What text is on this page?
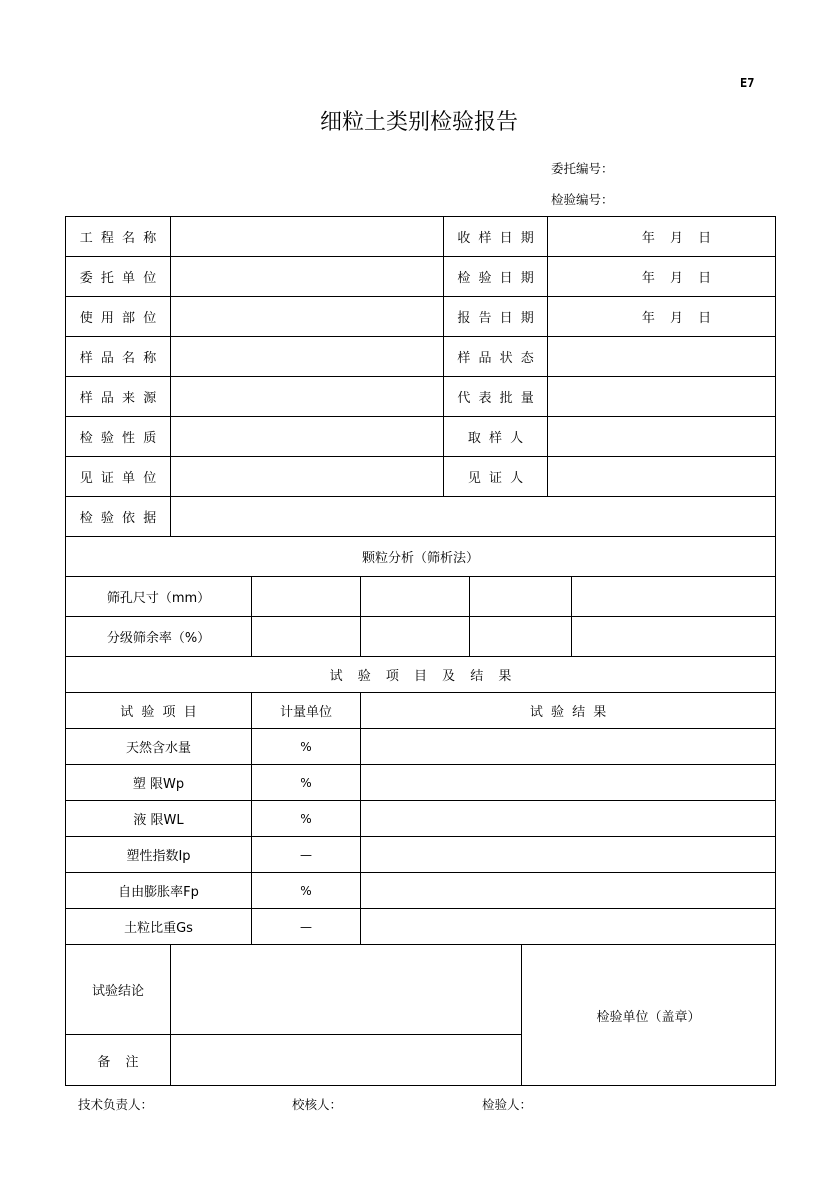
E7
细粒土类别检验报告
委托编号：
检验编号：
工 程 名 称				收 样 日 期			年 月 日	
委 托 单 位				检 验 日 期			年 月 日	
使 用 部 位				报 告 日 期			年 月 日	
样 品 名 称				样 品 状 态				
样 品 来 源				代 表 批 量				
检 验 性 质				取 样 人				
见 证 单 位				见 证 人				
检 验 依 据								
颗粒分析（筛析法）								
筛孔尺寸（mm）								
分级筛余率（%）								
试 验 项 目 及 结 果								
试 验 项 目		计量单位	试 验 结 果					
天然含水量		%						
塑 限Wp		%						
液 限WL		%						
塑性指数Ip		—						
自由膨胀率Fp		%						
土粒比重Gs		—						
试验结论						检验单位（盖章）		
备 注								
技术负责人：	校核人：	检验人：
